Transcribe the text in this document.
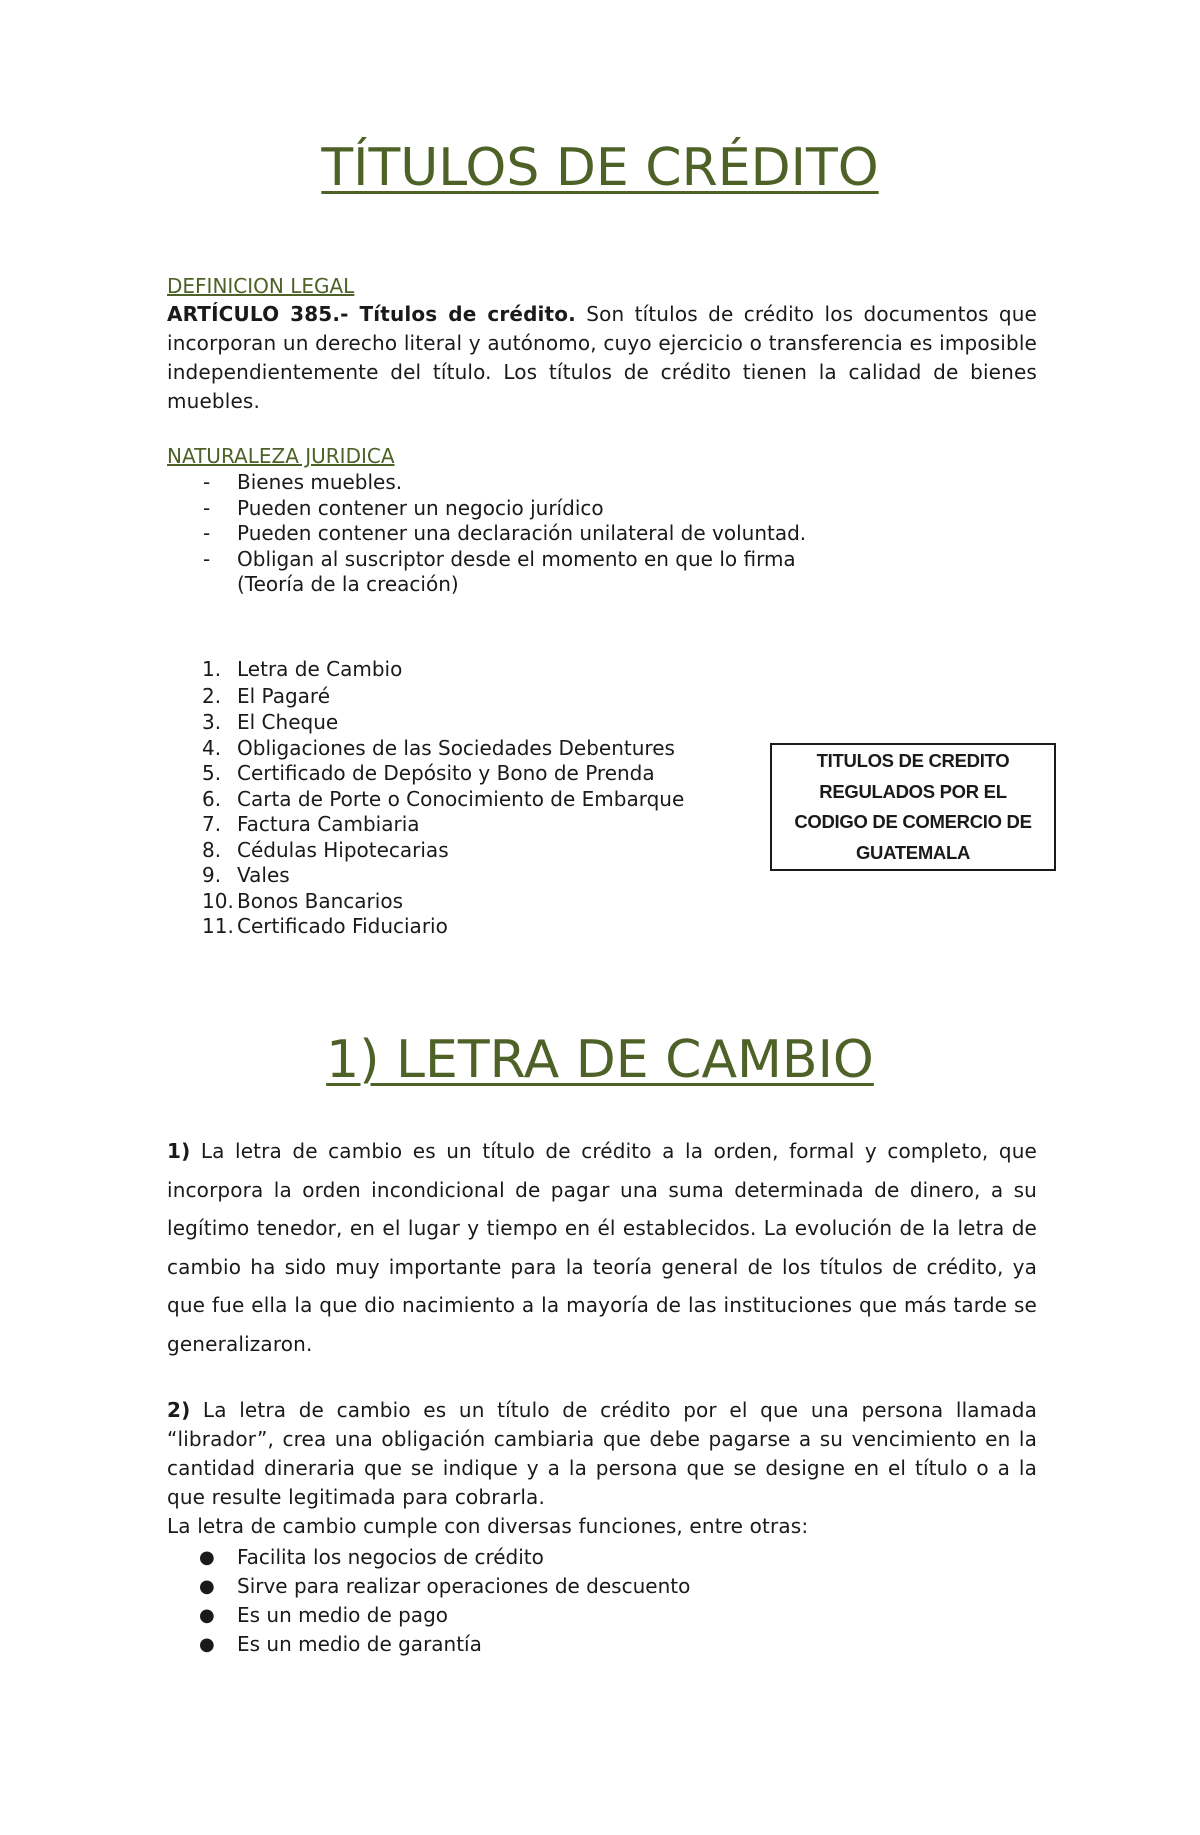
TÍTULOS DE CRÉDITO

DEFINICION LEGAL

ARTÍCULO 385.- Títulos de crédito. Son títulos de crédito los documentos que incorporan un derecho literal y autónomo, cuyo ejercicio o transferencia es imposible independientemente del título. Los títulos de crédito tienen la calidad de bienes muebles.

NATURALEZA JURIDICA

- Bienes muebles.
- Pueden contener un negocio jurídico
- Pueden contener una declaración unilateral de voluntad.
- Obligan al suscriptor desde el momento en que lo firma (Teoría de la creación)
1. Letra de Cambio
2. El Pagaré
3. El Cheque
4. Obligaciones de las Sociedades Debentures
5. Certificado de Depósito y Bono de Prenda
6. Carta de Porte o Conocimiento de Embarque
7. Factura Cambiaria
8. Cédulas Hipotecarias
9. Vales
10. Bonos Bancarios
11. Certificado Fiduciario
TITULOS DE CREDITO REGULADOS POR EL CODIGO DE COMERCIO DE GUATEMALA
1) LETRA DE CAMBIO

1) La letra de cambio es un título de crédito a la orden, formal y completo, que incorpora la orden incondicional de pagar una suma determinada de dinero, a su legítimo tenedor, en el lugar y tiempo en él establecidos. La evolución de la letra de cambio ha sido muy importante para la teoría general de los títulos de crédito, ya que fue ella la que dio nacimiento a la mayoría de las instituciones que más tarde se generalizaron.

2) La letra de cambio es un título de crédito por el que una persona llamada “librador”, crea una obligación cambiaria que debe pagarse a su vencimiento en la cantidad dineraria que se indique y a la persona que se designe en el título o a la que resulte legitimada para cobrarla.

La letra de cambio cumple con diversas funciones, entre otras:

● Facilita los negocios de crédito
● Sirve para realizar operaciones de descuento
● Es un medio de pago
● Es un medio de garantía
